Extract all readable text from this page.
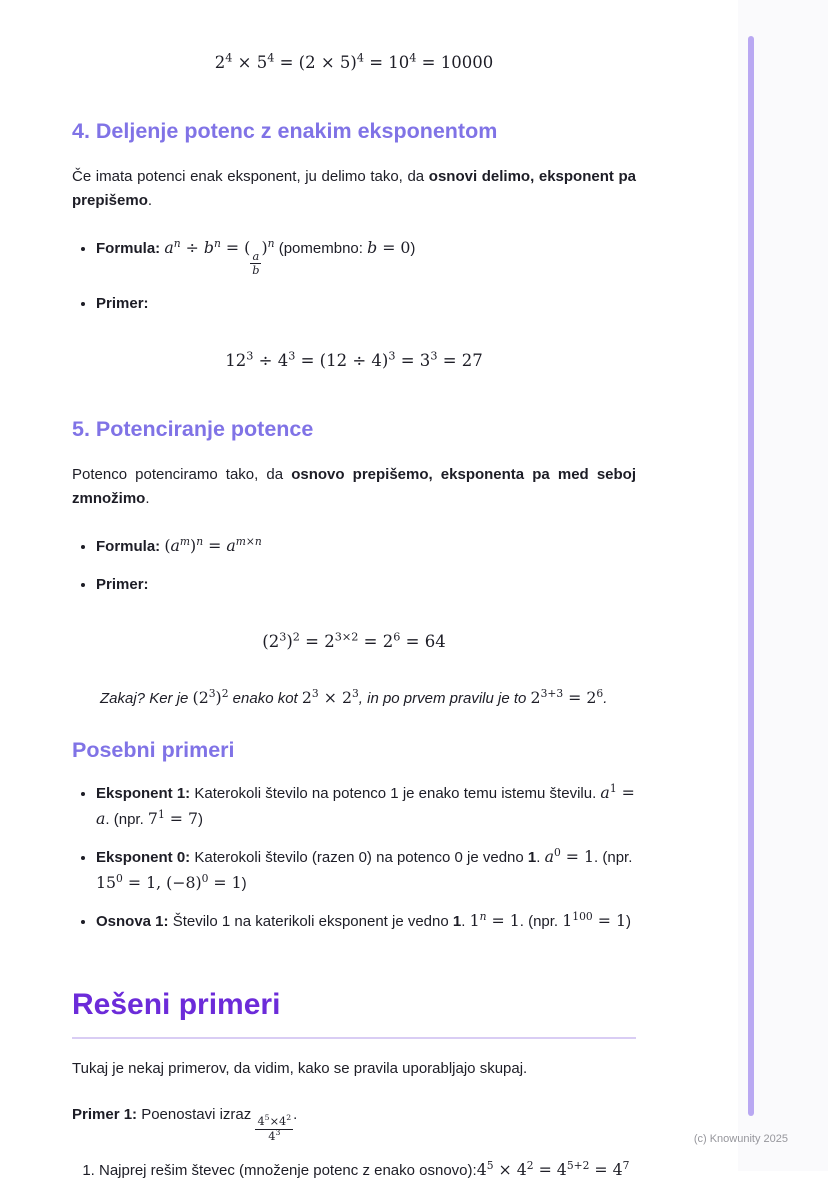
$2^4 \times 5^4 = (2 \times 5)^4 = 10^4 = 10000$
4. Deljenje potenc z enakim eksponentom

Če imata potenci enak eksponent, ju delimo tako, da osnovi delimo, eksponent pa prepišemo.

• Formula: $a^n \div b^n$ = (
$\frac{a}{b}$
)$^n$ (pomembno: b = 0)
• Primer:
$12^3 \div 4^3 = (12 \div 4)^3 = 3^3 = 27$
5. Potenciranje potence

Potenco potenciramo tako, da osnovo prepišemo, eksponenta pa med seboj zmnožimo.

• Formula: $(a^m)^n = a^{m\times n}$
• Primer:
$(2^3)^2 = 2^{3\times 2} = 2^6 = 64$

Zakaj? Ker je $(2^3)^2$ enako kot $2^3 \times 2^3$, in po prvem pravilu je to $2^{3+3} = 2^6$.

Posebni primeri
• Eksponent 1: Katerokoli število na potenco 1 je enako temu istemu številu. $a^1 = a$. (npr. $7^1 = 7$)
• Eksponent 0: Katerokoli število (razen 0) na potenco 0 je vedno 1. $a^0 = 1$. (npr. $15^0 = 1$, $(-8)^0 = 1$)
• Osnova 1: Število 1 na katerikoli eksponent je vedno 1. $1^n = 1$. (npr. $1^{100} = 1$)
Rešeni primeri

Tukaj je nekaj primerov, da vidim, kako se pravila uporabljajo skupaj.

Primer 1: Poenostavi izraz
$\frac{4^5\times 4^2}{4^3}$
.

1. Najprej rešim števec (množenje potenc z enako $osnovo):4^5 \times 4^2 = 4^{5+2} = 4^7$
(c) Knowunity 2025
